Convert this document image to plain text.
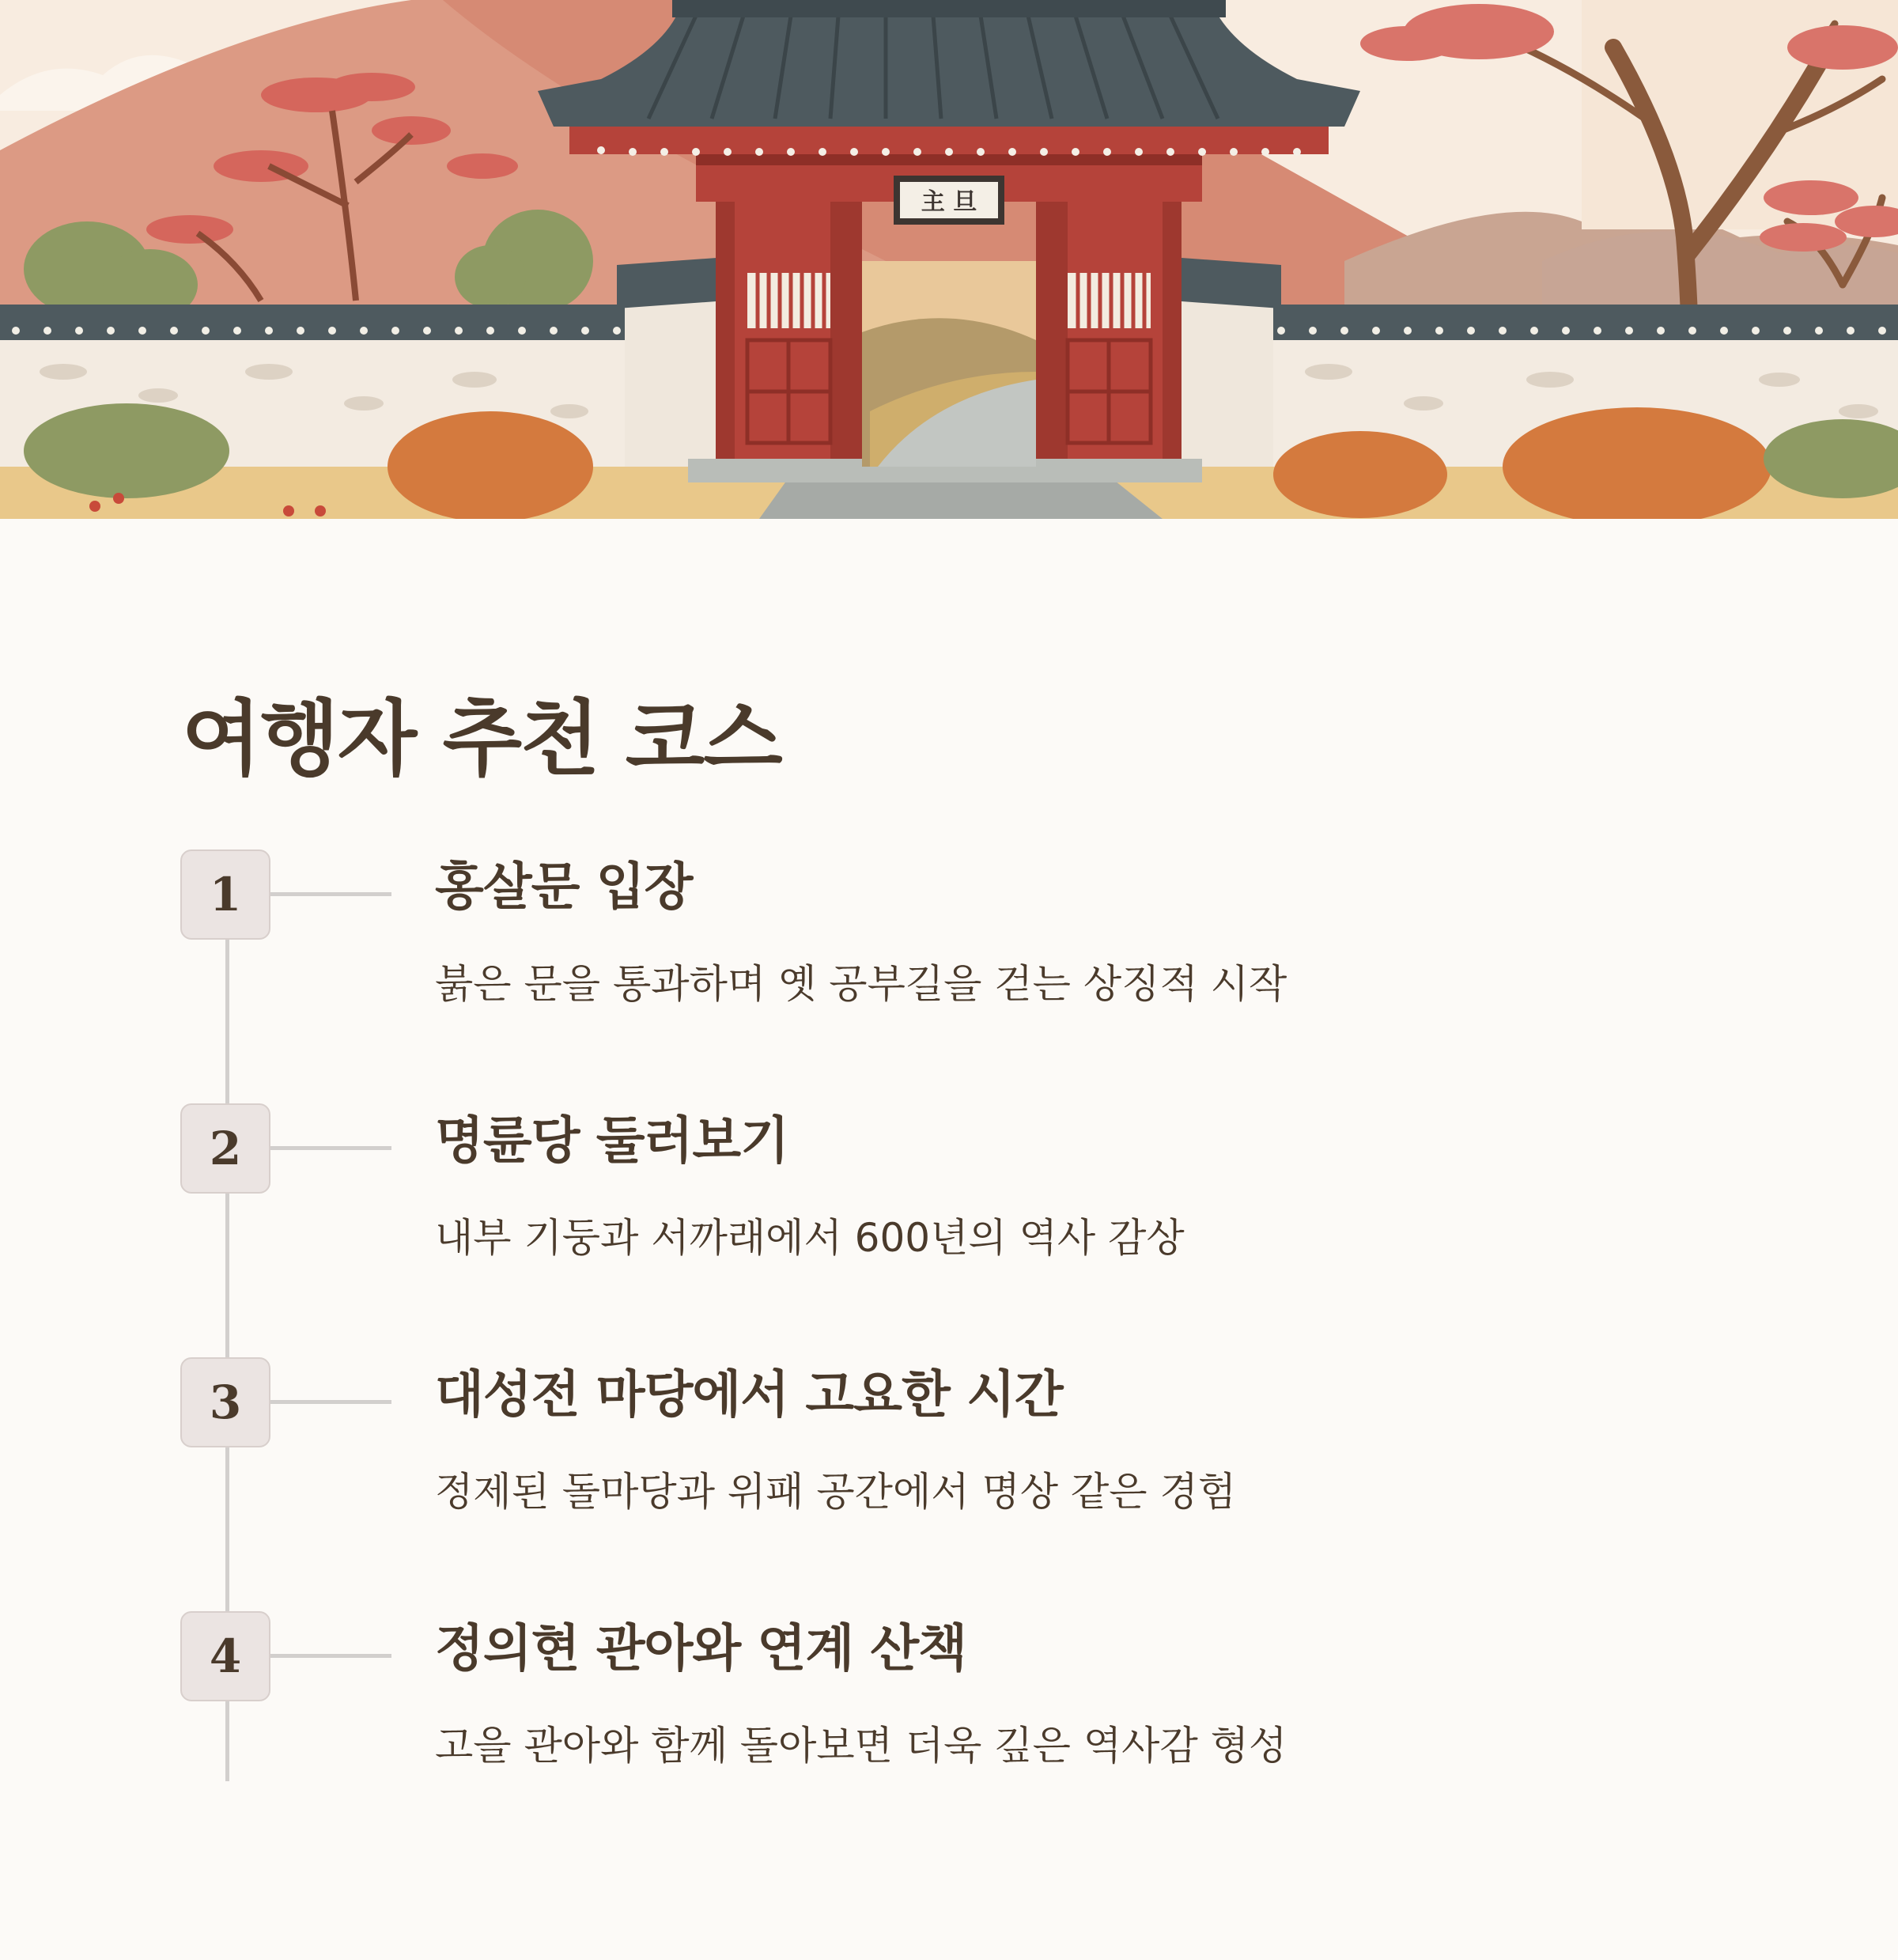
主 旦
여행자 추천 코스
1	홍살문 입장
붉은 문을 통과하며 옛 공부길을 걷는 상징적 시작
2	명륜당 둘러보기
내부 기둥과 서까래에서 600년의 역사 감상
3	대성전 마당에서 고요한 시간
정제된 돌마당과 위패 공간에서 명상 같은 경험
4	정의현 관아와 연계 산책
고을 관아와 함께 돌아보면 더욱 깊은 역사감 형성
